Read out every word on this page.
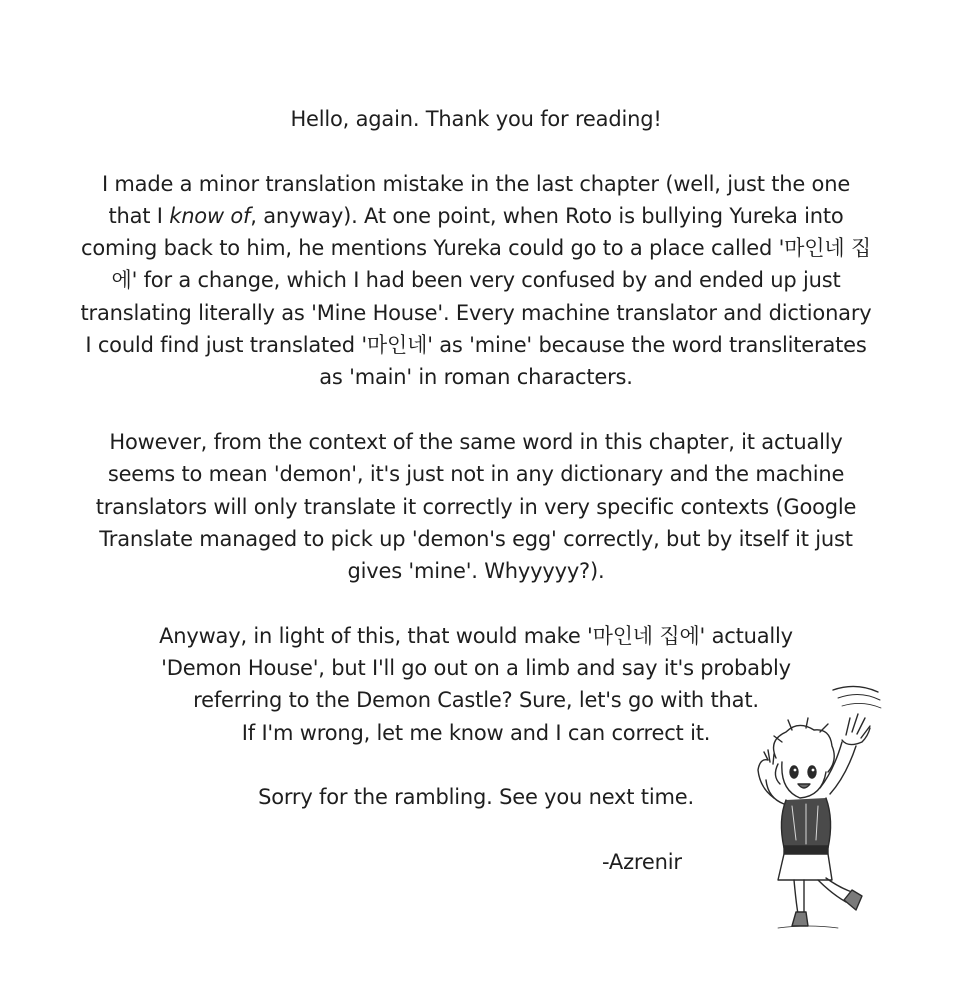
Hello, again. Thank you for reading!

I made a minor translation mistake in the last chapter (well, just the one that I know of, anyway). At one point, when Roto is bullying Yureka into coming back to him, he mentions Yureka could go to a place called '마인네 집에' for a change, which I had been very confused by and ended up just translating literally as 'Mine House'. Every machine translator and dictionary I could find just translated '마인네' as 'mine' because the word transliterates as 'main' in roman characters.

However, from the context of the same word in this chapter, it actually seems to mean 'demon', it's just not in any dictionary and the machine translators will only translate it correctly in very specific contexts (Google Translate managed to pick up 'demon's egg' correctly, but by itself it just gives 'mine'. Whyyyyy?).

Anyway, in light of this, that would make '마인네 집에' actually
'Demon House', but I'll go out on a limb and say it's probably
referring to the Demon Castle? Sure, let's go with that.
If I'm wrong, let me know and I can correct it.

Sorry for the rambling. See you next time.

-Azrenir
